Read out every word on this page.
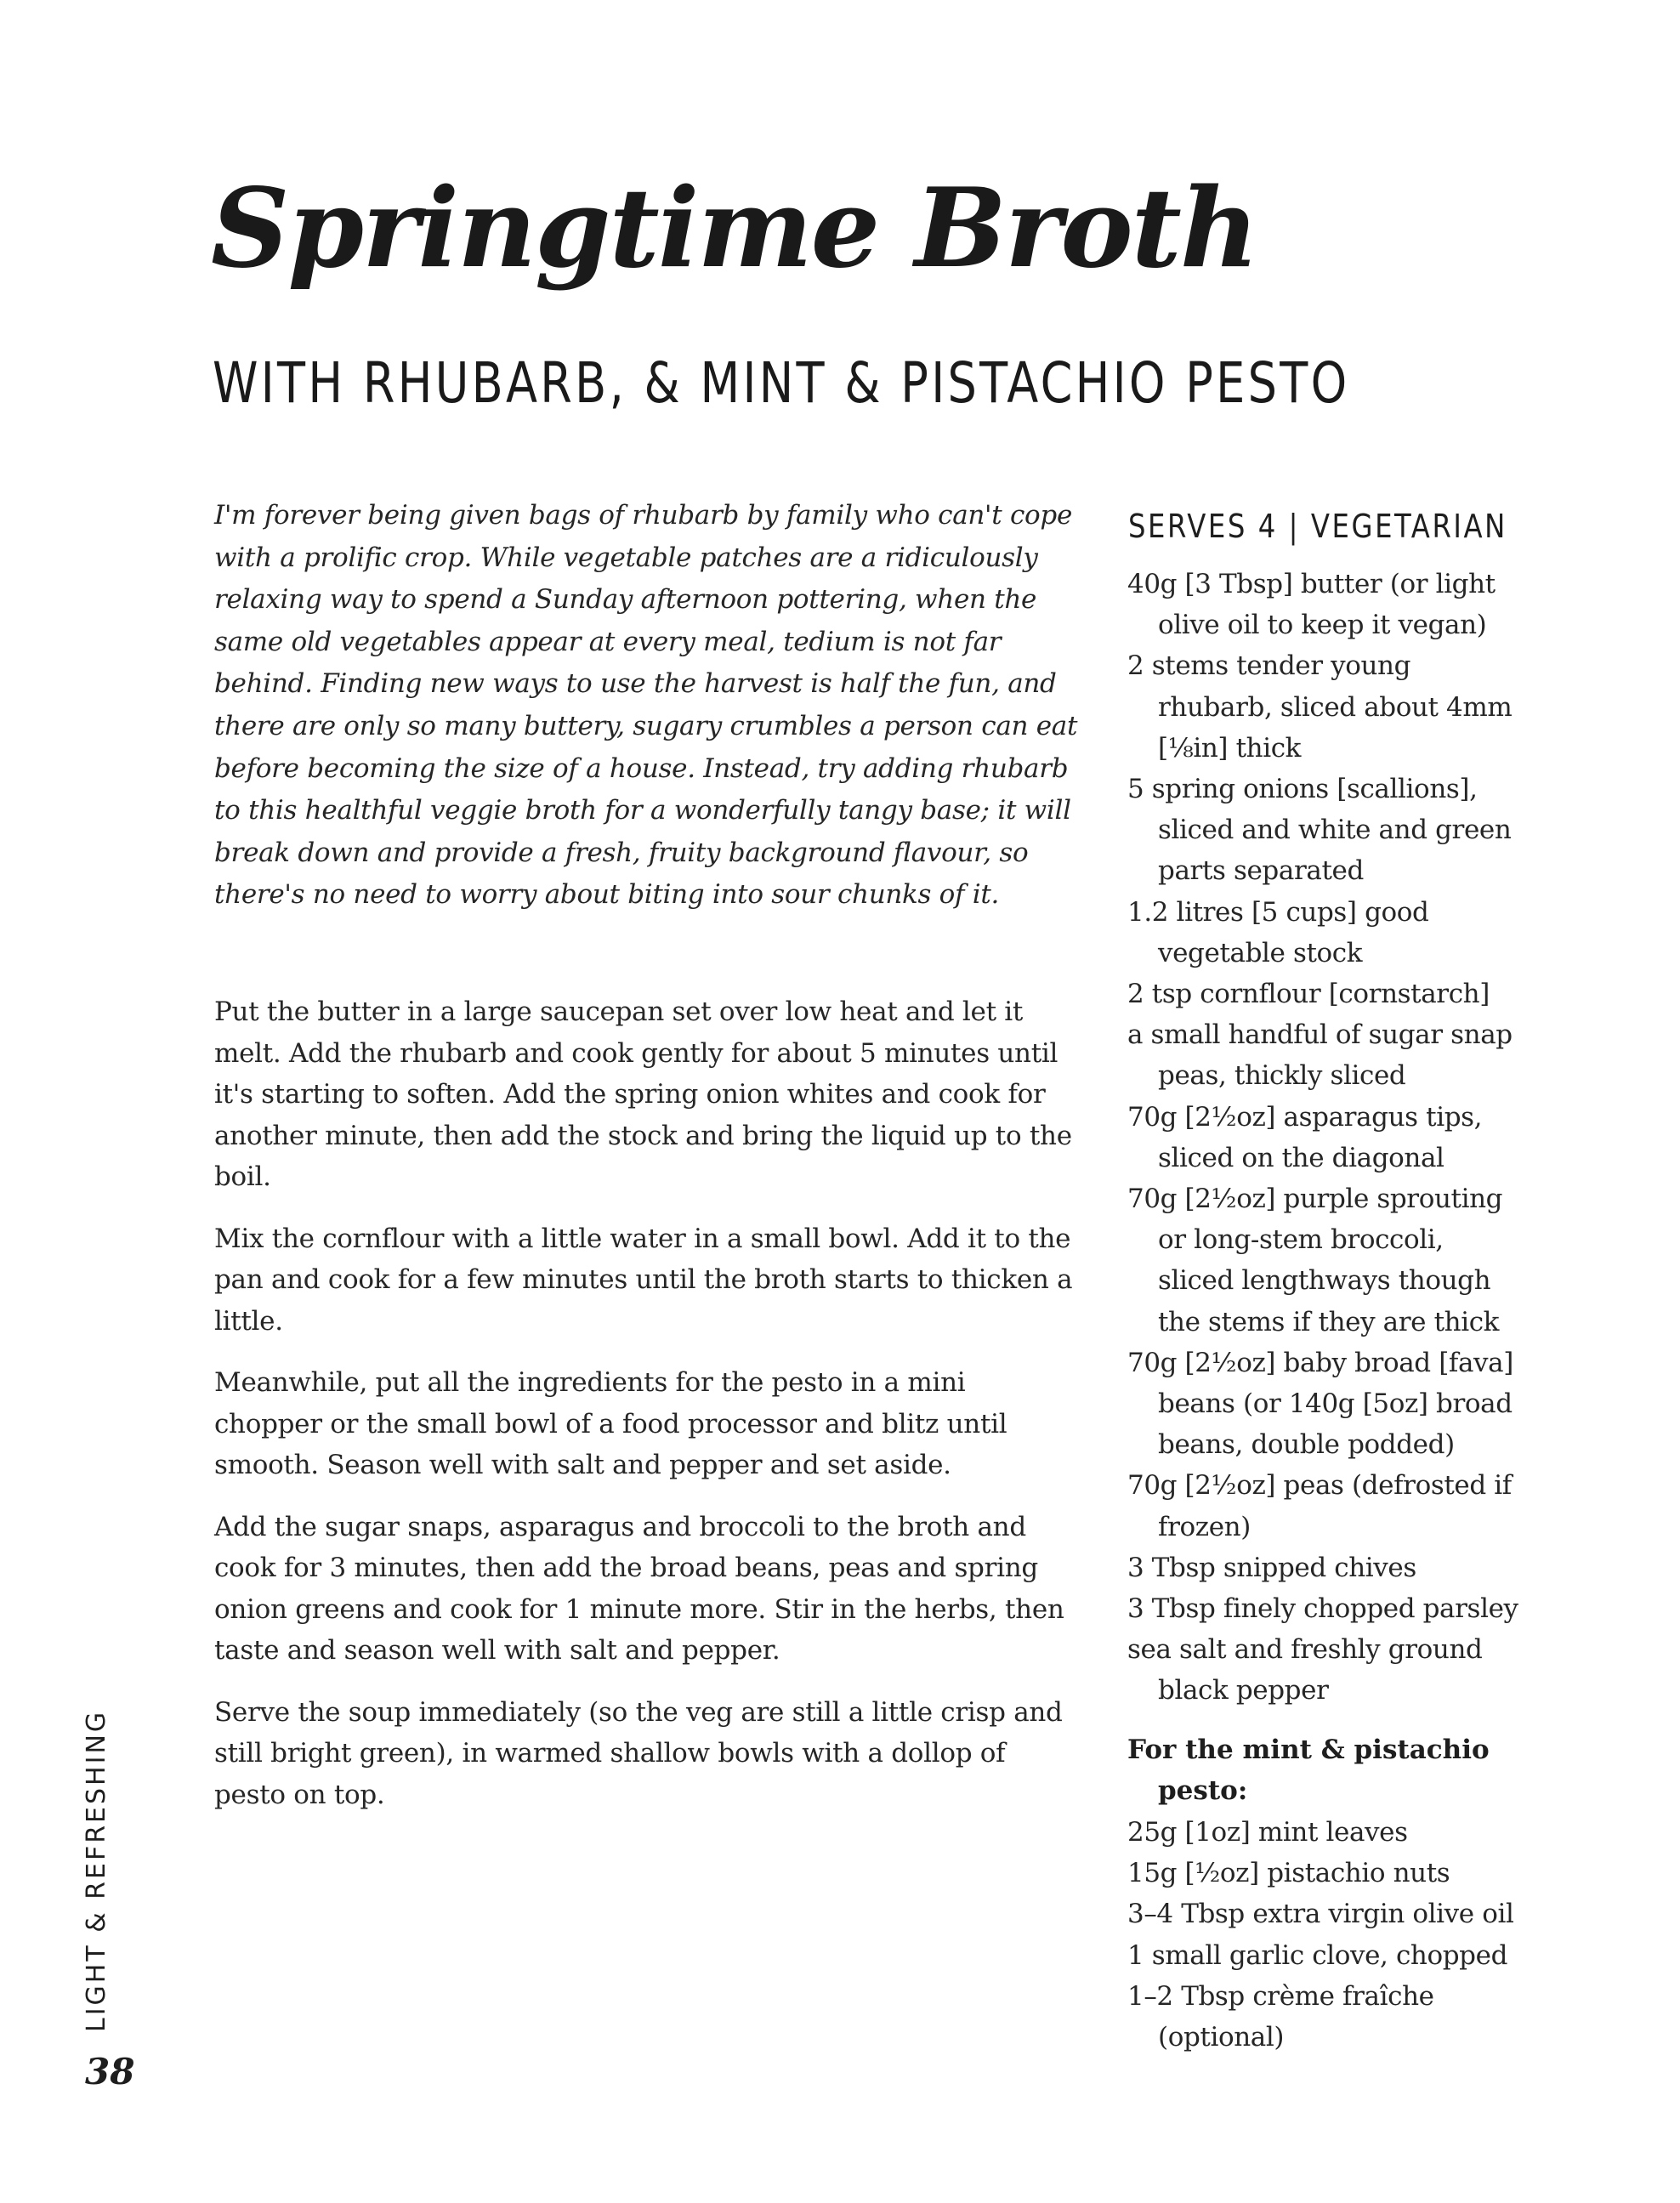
Springtime Broth
WITH RHUBARB, & MINT & PISTACHIO PESTO
I'm forever being given bags of rhubarb by family who can't cope with a prolific crop. While vegetable patches are a ridiculously relaxing way to spend a Sunday afternoon pottering, when the same old vegetables appear at every meal, tedium is not far behind. Finding new ways to use the harvest is half the fun, and there are only so many buttery, sugary crumbles a person can eat before becoming the size of a house. Instead, try adding rhubarb to this healthful veggie broth for a wonderfully tangy base; it will break down and provide a fresh, fruity background flavour, so there's no need to worry about biting into sour chunks of it.

Put the butter in a large saucepan set over low heat and let it melt. Add the rhubarb and cook gently for about 5 minutes until it's starting to soften. Add the spring onion whites and cook for another minute, then add the stock and bring the liquid up to the boil.

Mix the cornflour with a little water in a small bowl. Add it to the pan and cook for a few minutes until the broth starts to thicken a little.

Meanwhile, put all the ingredients for the pesto in a mini chopper or the small bowl of a food processor and blitz until smooth. Season well with salt and pepper and set aside.

Add the sugar snaps, asparagus and broccoli to the broth and cook for 3 minutes, then add the broad beans, peas and spring onion greens and cook for 1 minute more. Stir in the herbs, then taste and season well with salt and pepper.

Serve the soup immediately (so the veg are still a little crisp and still bright green), in warmed shallow bowls with a dollop of pesto on top.

SERVES 4 | VEGETARIAN
40g [3 Tbsp] butter (or light olive oil to keep it vegan)
2 stems tender young rhubarb, sliced about 4mm [⅛in] thick
5 spring onions [scallions], sliced and white and green parts separated
1.2 litres [5 cups] good vegetable stock
2 tsp cornflour [cornstarch]
a small handful of sugar snap peas, thickly sliced
70g [2½oz] asparagus tips, sliced on the diagonal
70g [2½oz] purple sprouting or long-stem broccoli, sliced lengthways though the stems if they are thick
70g [2½oz] baby broad [fava] beans (or 140g [5oz] broad beans, double podded)
70g [2½oz] peas (defrosted if frozen)
3 Tbsp snipped chives
3 Tbsp finely chopped parsley
sea salt and freshly ground black pepper
For the mint & pistachio pesto:
25g [1oz] mint leaves
15g [½oz] pistachio nuts
3–4 Tbsp extra virgin olive oil
1 small garlic clove, chopped
1–2 Tbsp crème fraîche (optional)
LIGHT & REFRESHING
38
